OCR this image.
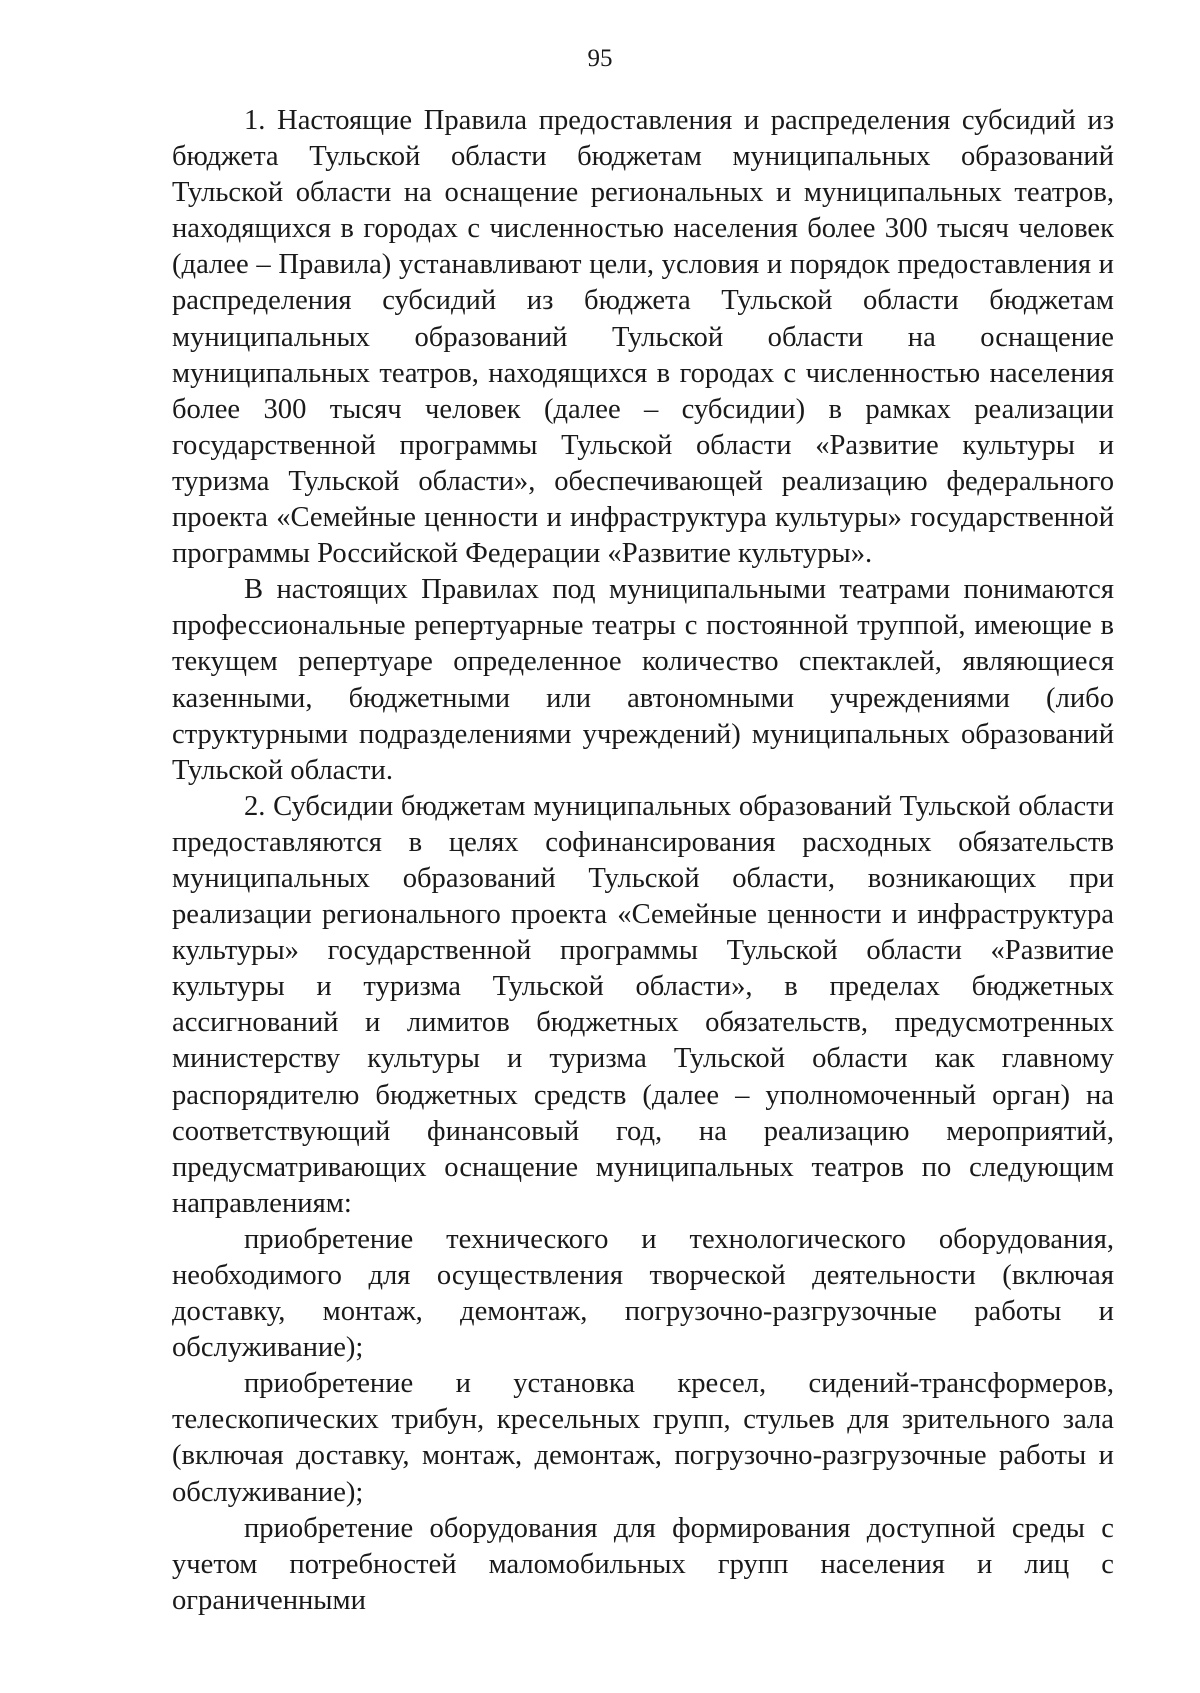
95

1. Настоящие Правила предоставления и распределения субсидий из бюджета Тульской области бюджетам муниципальных образований Тульской области на оснащение региональных и муниципальных театров, находящихся в городах с численностью населения более 300 тысяч человек (далее – Правила) устанавливают цели, условия и порядок предоставления и распределения субсидий из бюджета Тульской области бюджетам муниципальных образований Тульской области на оснащение муниципальных театров, находящихся в городах с численностью населения более 300 тысяч человек (далее – субсидии) в рамках реализации государственной программы Тульской области «Развитие культуры и туризма Тульской области», обеспечивающей реализацию федерального проекта «Семейные ценности и инфраструктура культуры» государственной программы Российской Федерации «Развитие культуры».

В настоящих Правилах под муниципальными театрами понимаются профессиональные репертуарные театры с постоянной труппой, имеющие в текущем репертуаре определенное количество спектаклей, являющиеся казенными, бюджетными или автономными учреждениями (либо структурными подразделениями учреждений) муниципальных образований Тульской области.

2. Субсидии бюджетам муниципальных образований Тульской области предоставляются в целях софинансирования расходных обязательств муниципальных образований Тульской области, возникающих при реализации регионального проекта «Семейные ценности и инфраструктура культуры» государственной программы Тульской области «Развитие культуры и туризма Тульской области», в пределах бюджетных ассигнований и лимитов бюджетных обязательств, предусмотренных министерству культуры и туризма Тульской области как главному распорядителю бюджетных средств (далее – уполномоченный орган) на соответствующий финансовый год, на реализацию мероприятий, предусматривающих оснащение муниципальных театров по следующим направлениям:

приобретение технического и технологического оборудования, необходимого для осуществления творческой деятельности (включая доставку, монтаж, демонтаж, погрузочно-разгрузочные работы и обслуживание);

приобретение и установка кресел, сидений-трансформеров, телескопических трибун, кресельных групп, стульев для зрительного зала (включая доставку, монтаж, демонтаж, погрузочно-разгрузочные работы и обслуживание);

приобретение оборудования для формирования доступной среды с учетом потребностей маломобильных групп населения и лиц с ограниченными
